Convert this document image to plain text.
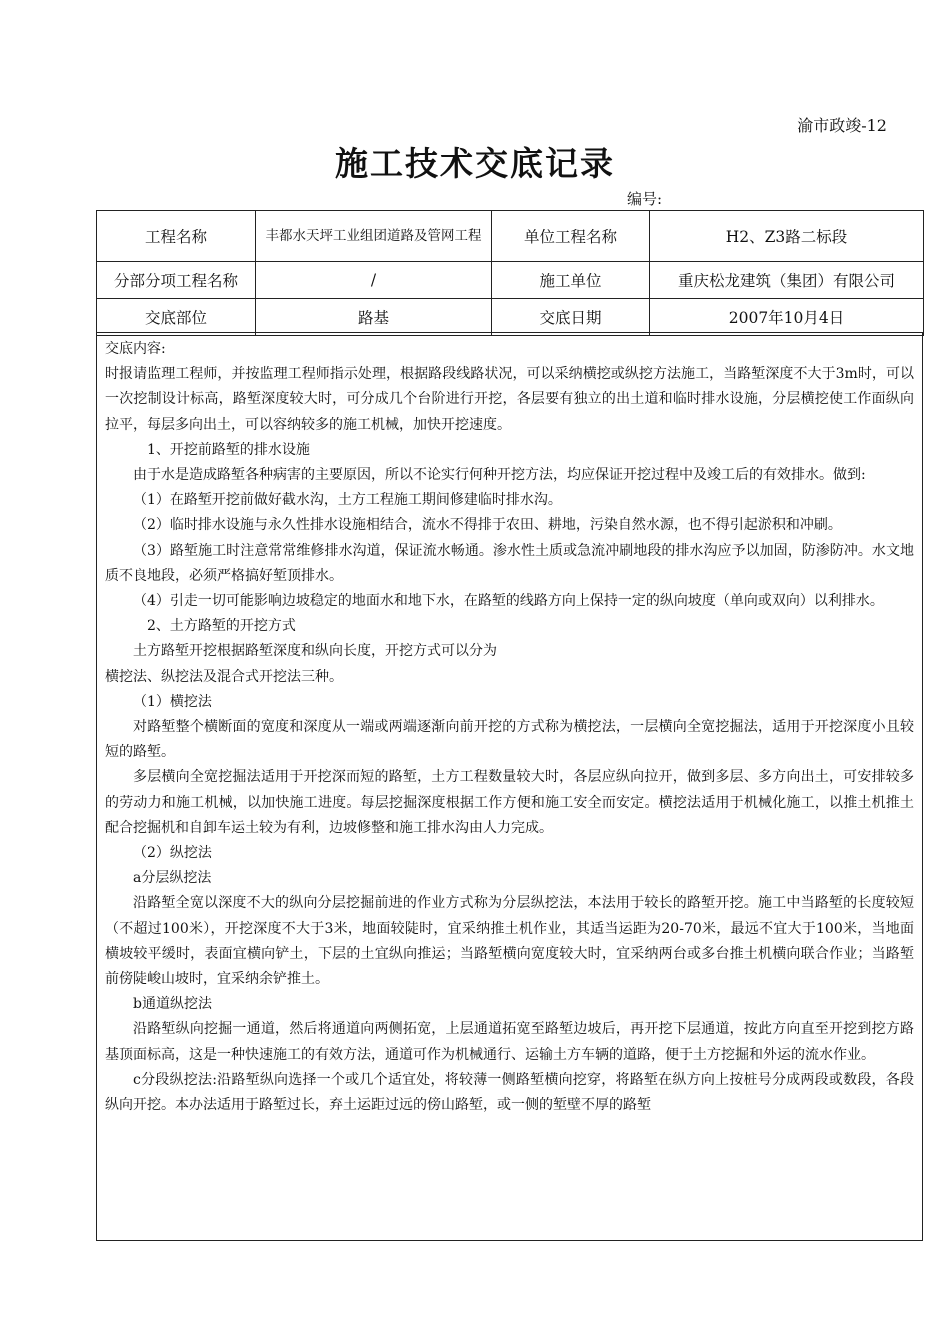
渝市政竣-12
施工技术交底记录
编号:
工程名称	丰都水天坪工业组团道路及管网工程	单位工程名称	H2、Z3路二标段
分部分项工程名称	/	施工单位	重庆松龙建筑（集团）有限公司
交底部位	路基	交底日期	2007年10月4日

交底内容:

时报请监理工程师，并按监理工程师指示处理，根据路段线路状况，可以采纳横挖或纵挖方法施工，当路堑深度不大于3m时，可以一次挖制设计标高，路堑深度较大时，可分成几个台阶进行开挖，各层要有独立的出土道和临时排水设施，分层横挖使工作面纵向拉平，每层多向出土，可以容纳较多的施工机械，加快开挖速度。

1、开挖前路堑的排水设施

由于水是造成路堑各种病害的主要原因，所以不论实行何种开挖方法，均应保证开挖过程中及竣工后的有效排水。做到:

（1）在路堑开挖前做好截水沟，土方工程施工期间修建临时排水沟。

（2）临时排水设施与永久性排水设施相结合，流水不得排于农田、耕地，污染自然水源，也不得引起淤积和冲刷。

（3）路堑施工时注意常常维修排水沟道，保证流水畅通。渗水性土质或急流冲刷地段的排水沟应予以加固，防渗防冲。水文地质不良地段，必须严格搞好堑顶排水。

（4）引走一切可能影响边坡稳定的地面水和地下水，在路堑的线路方向上保持一定的纵向坡度（单向或双向）以利排水。

2、土方路堑的开挖方式

土方路堑开挖根据路堑深度和纵向长度，开挖方式可以分为

横挖法、纵挖法及混合式开挖法三种。

（1）横挖法

对路堑整个横断面的宽度和深度从一端或两端逐渐向前开挖的方式称为横挖法，一层横向全宽挖掘法，适用于开挖深度小且较短的路堑。

多层横向全宽挖掘法适用于开挖深而短的路堑，土方工程数量较大时，各层应纵向拉开，做到多层、多方向出土，可安排较多的劳动力和施工机械，以加快施工进度。每层挖掘深度根据工作方便和施工安全而安定。横挖法适用于机械化施工，以推土机推土配合挖掘机和自卸车运土较为有利，边坡修整和施工排水沟由人力完成。

（2）纵挖法

a分层纵挖法

沿路堑全宽以深度不大的纵向分层挖掘前进的作业方式称为分层纵挖法，本法用于较长的路堑开挖。施工中当路堑的长度较短（不超过100米），开挖深度不大于3米，地面较陡时，宜采纳推土机作业，其适当运距为20-70米，最远不宜大于100米，当地面横坡较平缓时，表面宜横向铲土，下层的土宜纵向推运；当路堑横向宽度较大时，宜采纳两台或多台推土机横向联合作业；当路堑前傍陡峻山坡时，宜采纳余铲推土。

b通道纵挖法

沿路堑纵向挖掘一通道，然后将通道向两侧拓宽，上层通道拓宽至路堑边坡后，再开挖下层通道，按此方向直至开挖到挖方路基顶面标高，这是一种快速施工的有效方法，通道可作为机械通行、运输土方车辆的道路，便于土方挖掘和外运的流水作业。

c分段纵挖法:沿路堑纵向选择一个或几个适宜处，将较薄一侧路堑横向挖穿，将路堑在纵方向上按桩号分成两段或数段，各段纵向开挖。本办法适用于路堑过长，弃土运距过远的傍山路堑，或一侧的堑壁不厚的路堑
